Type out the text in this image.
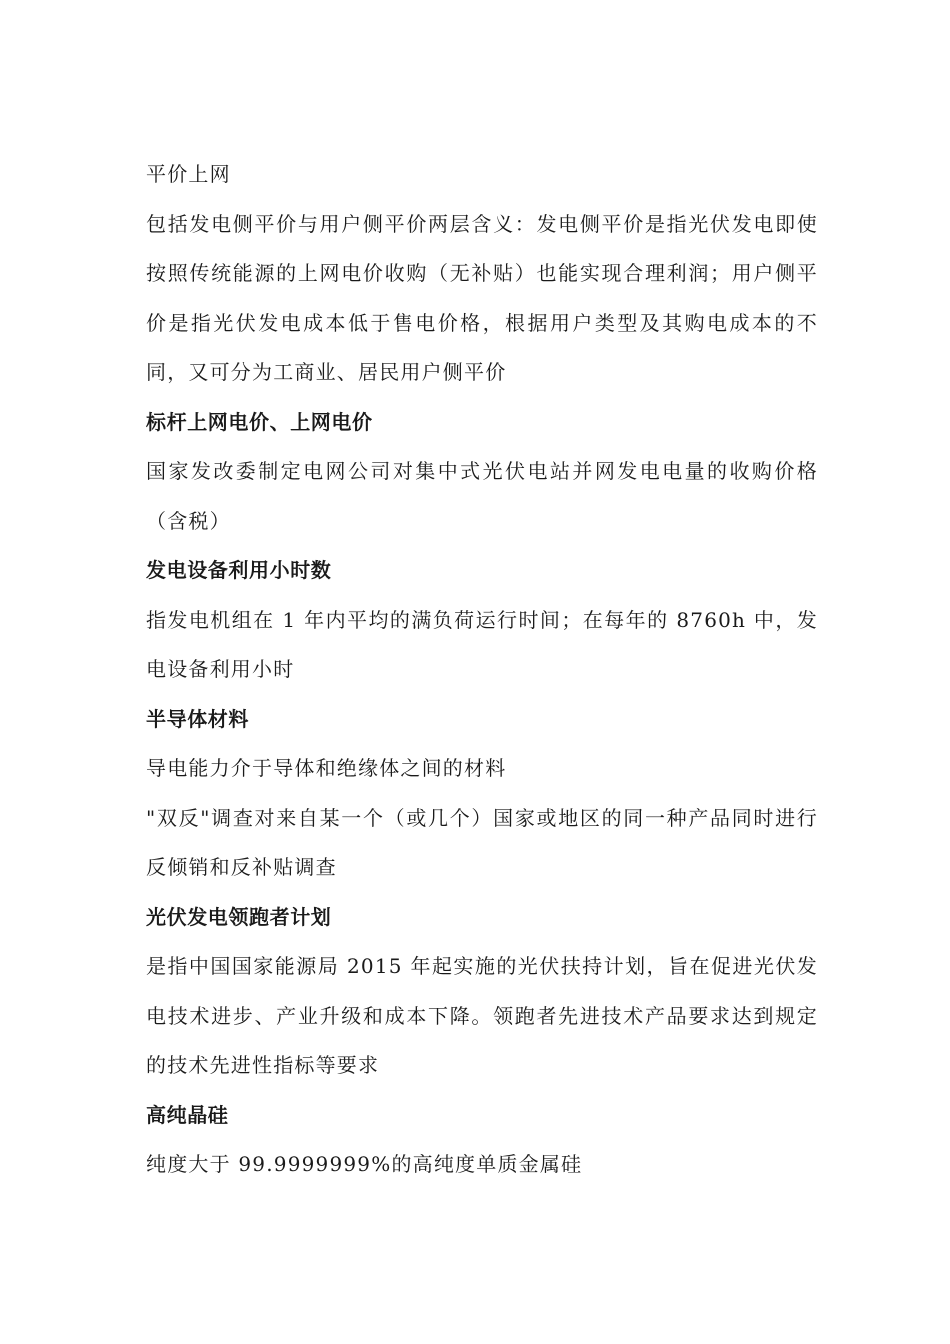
平价上网

包括发电侧平价与用户侧平价两层含义：发电侧平价是指光伏发电即使按照传统能源的上网电价收购（无补贴）也能实现合理利润；用户侧平价是指光伏发电成本低于售电价格，根据用户类型及其购电成本的不同，又可分为工商业、居民用户侧平价

标杆上网电价、上网电价

国家发改委制定电网公司对集中式光伏电站并网发电电量的收购价格（含税）

发电设备利用小时数

指发电机组在 1 年内平均的满负荷运行时间；在每年的 8760h 中，发电设备利用小时

半导体材料

导电能力介于导体和绝缘体之间的材料

"双反"调查对来自某一个（或几个）国家或地区的同一种产品同时进行反倾销和反补贴调查

光伏发电领跑者计划

是指中国国家能源局 2015 年起实施的光伏扶持计划，旨在促进光伏发电技术进步、产业升级和成本下降。领跑者先进技术产品要求达到规定的技术先进性指标等要求

高纯晶硅

纯度大于 99.9999999%的高纯度单质金属硅
